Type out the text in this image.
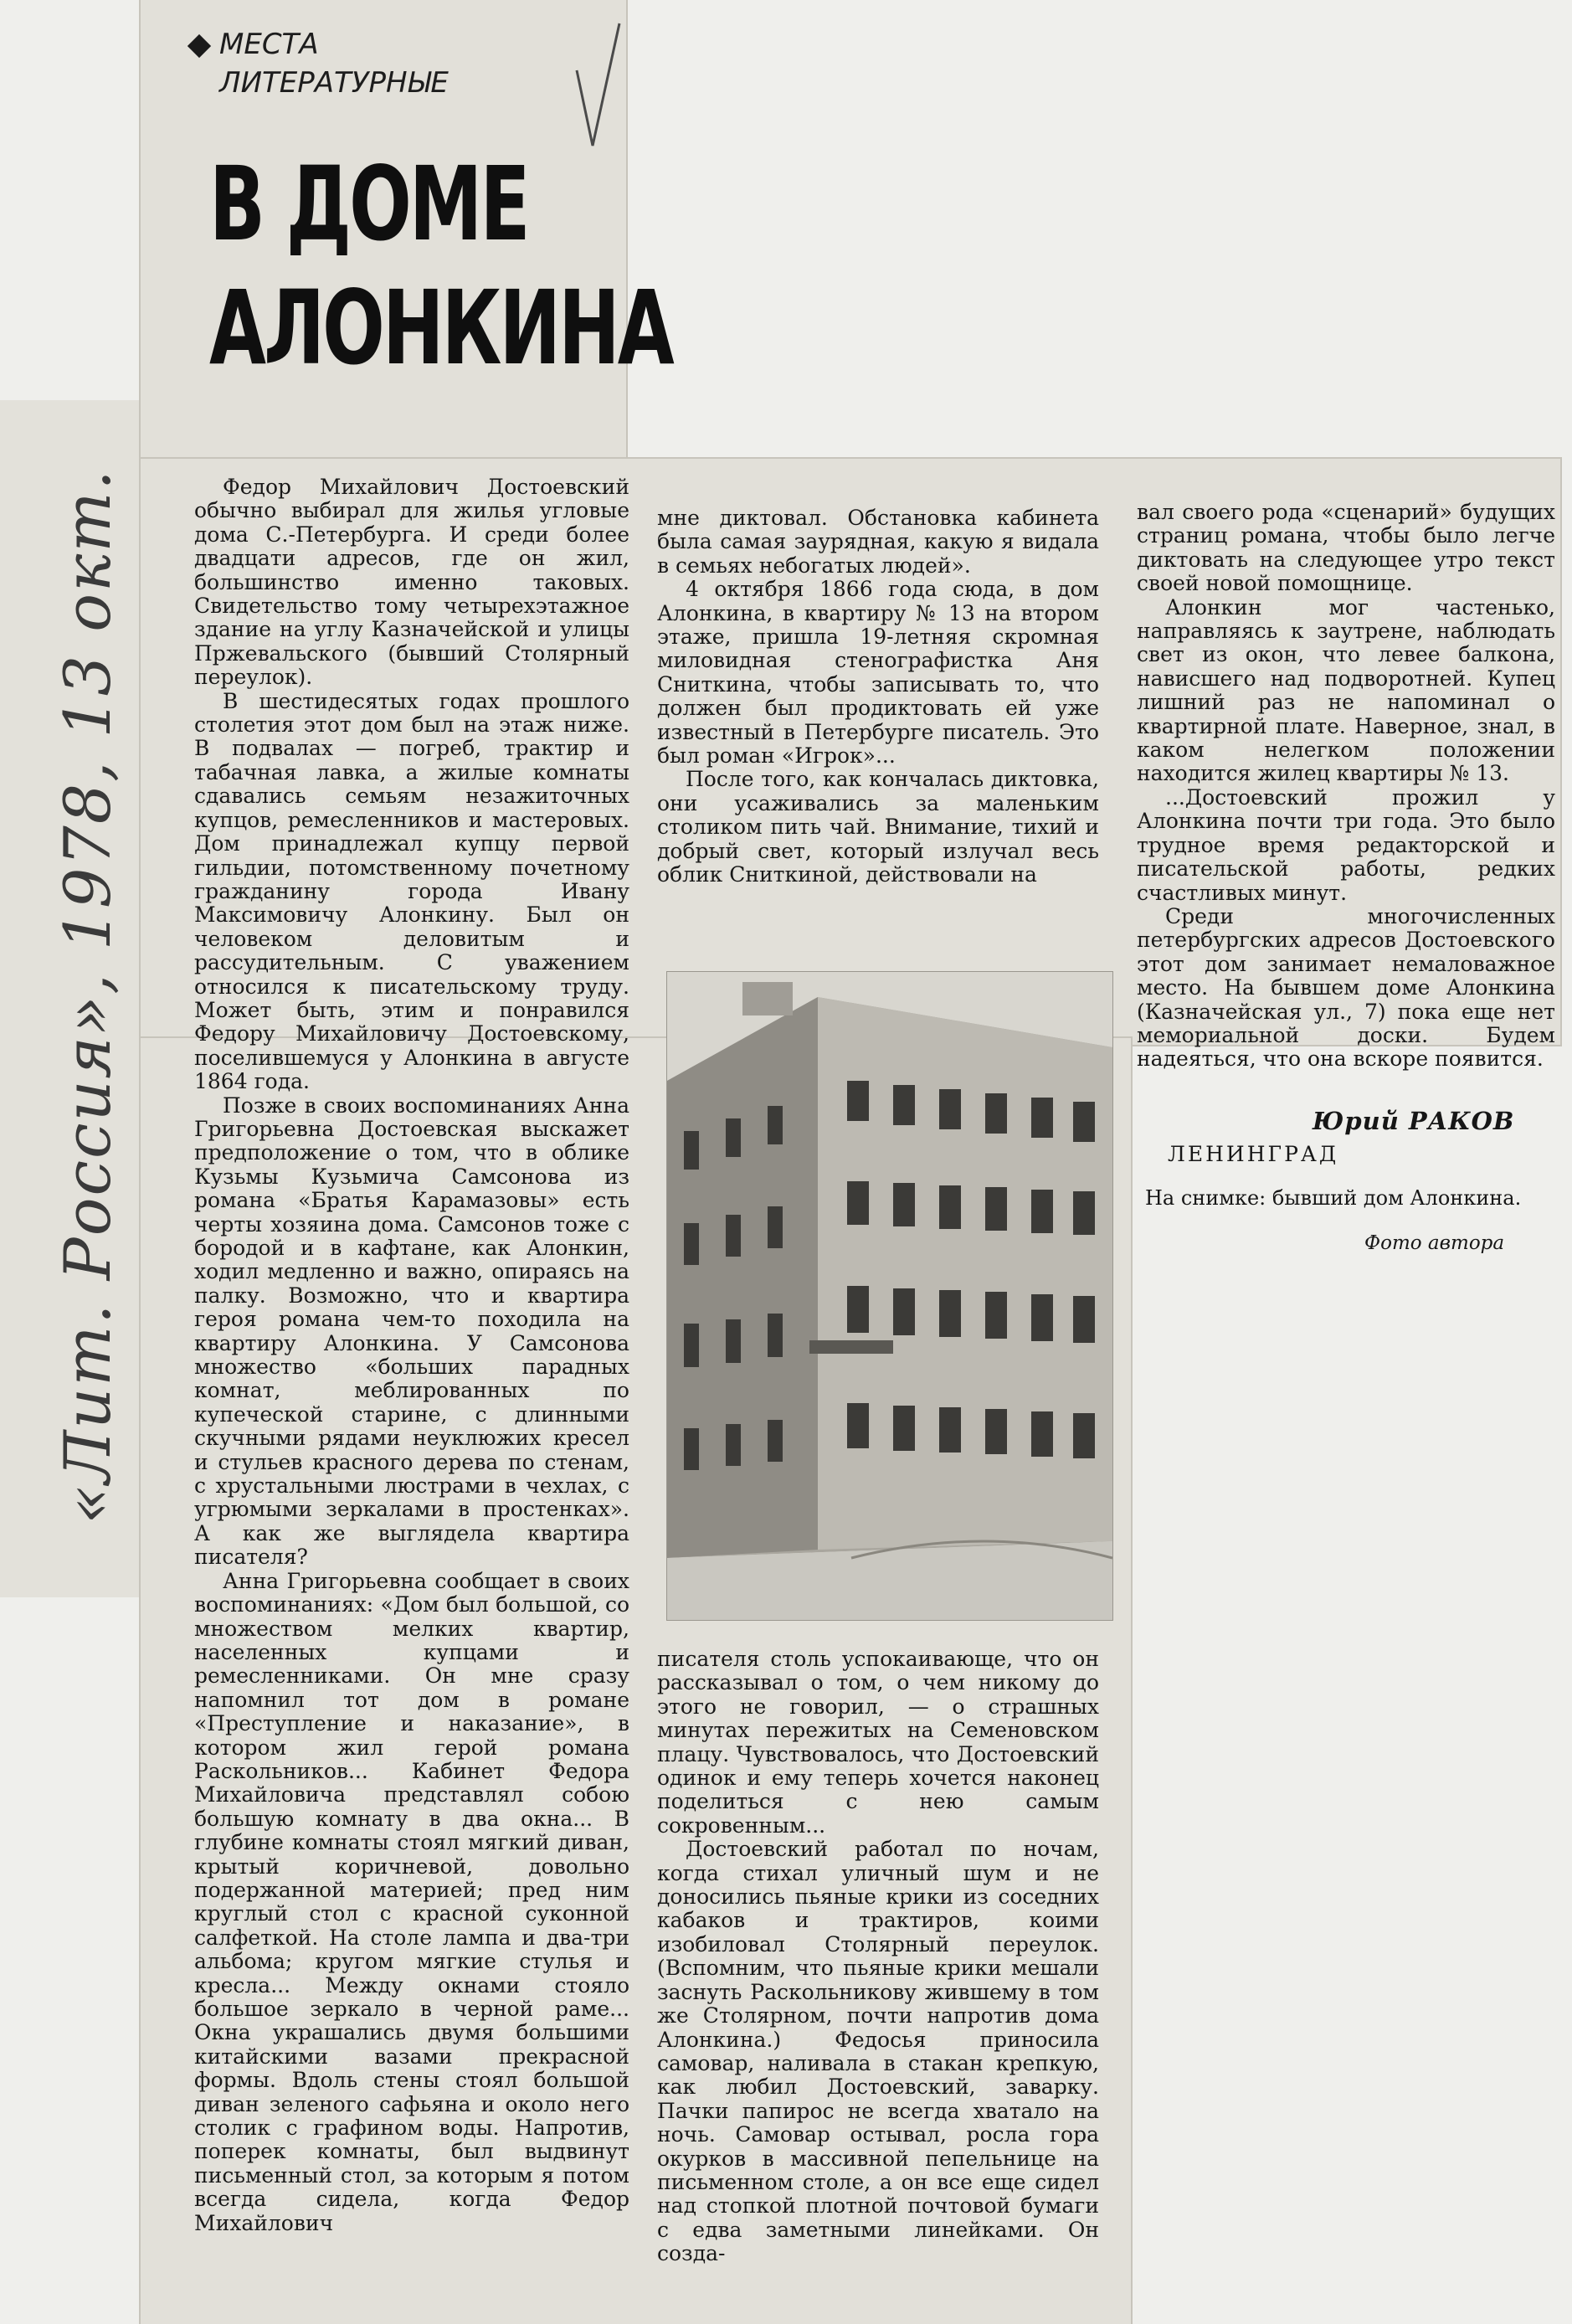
«Лит. Россия», 1978, 13 окт.
МЕСТА
ЛИТЕРАТУРНЫЕ
В ДОМЕ
АЛОНКИНА

Федор Михайлович Достоевский обычно выбирал для жилья угловые дома С.-Петербурга. И среди более двадцати адресов, где он жил, большинство именно таковых. Свидетельство тому четырехэтажное здание на углу Казначейской и улицы Пржевальского (бывший Столярный переулок).

В шестидесятых годах прошлого столетия этот дом был на этаж ниже. В подвалах — погреб, трактир и табачная лавка, а жилые комнаты сдавались семьям незажиточных купцов, ремесленников и мастеровых. Дом принадлежал купцу первой гильдии, потомственному почетному гражданину города Ивану Максимовичу Алонкину. Был он человеком деловитым и рассудительным. С уважением относился к писательскому труду. Может быть, этим и понравился Федору Михайловичу Достоевскому, поселившемуся у Алонкина в августе 1864 года.

Позже в своих воспоминаниях Анна Григорьевна Достоевская выскажет предположение о том, что в облике Кузьмы Кузьмича Самсонова из романа «Братья Карамазовы» есть черты хозяина дома. Самсонов тоже с бородой и в кафтане, как Алонкин, ходил медленно и важно, опираясь на палку. Возможно, что и квартира героя романа чем-то походила на квартиру Алонкина. У Самсонова множество «больших парадных комнат, меблированных по купеческой старине, с длинными скучными рядами неуклюжих кресел и стульев красного дерева по стенам, с хрустальными люстрами в чехлах, с угрюмыми зеркалами в простенках». А как же выглядела квартира писателя?

Анна Григорьевна сообщает в своих воспоминаниях: «Дом был большой, со множеством мелких квартир, населенных купцами и ремесленниками. Он мне сразу напомнил тот дом в романе «Преступление и наказание», в котором жил герой романа Раскольников... Кабинет Федора Михайловича представлял собою большую комнату в два окна... В глубине комнаты стоял мягкий диван, крытый коричневой, довольно подержанной материей; пред ним круглый стол с красной суконной салфеткой. На столе лампа и два-три альбома; кругом мягкие стулья и кресла... Между окнами стояло большое зеркало в черной раме... Окна украшались двумя большими китайскими вазами прекрасной формы. Вдоль стены стоял большой диван зеленого сафьяна и около него столик с графином воды. Напротив, поперек комнаты, был выдвинут письменный стол, за которым я потом всегда сидела, когда Федор Михайлович

мне диктовал. Обстановка кабинета была самая заурядная, какую я видала в семьях небогатых людей».

4 октября 1866 года сюда, в дом Алонкина, в квартиру № 13 на втором этаже, пришла 19-летняя скромная миловидная стенографистка Аня Сниткина, чтобы записывать то, что должен был продиктовать ей уже известный в Петербурге писатель. Это был роман «Игрок»...

После того, как кончалась диктовка, они усаживались за маленьким столиком пить чай. Внимание, тихий и добрый свет, который излучал весь облик Сниткиной, действовали на

писателя столь успокаивающе, что он рассказывал о том, о чем никому до этого не говорил, — о страшных минутах пережитых на Семеновском плацу. Чувствовалось, что Достоевский одинок и ему теперь хочется наконец поделиться с нею самым сокровенным...

Достоевский работал по ночам, когда стихал уличный шум и не доносились пьяные крики из соседних кабаков и трактиров, коими изобиловал Столярный переулок. (Вспомним, что пьяные крики мешали заснуть Раскольникову жившему в том же Столярном, почти напротив дома Алонкина.) Федосья приносила самовар, наливала в стакан крепкую, как любил Достоевский, заварку. Пачки папирос не всегда хватало на ночь. Самовар остывал, росла гора окурков в массивной пепельнице на письменном столе, а он все еще сидел над стопкой плотной почтовой бумаги с едва заметными линейками. Он созда-

вал своего рода «сценарий» будущих страниц романа, чтобы было легче диктовать на следующее утро текст своей новой помощнице.

Алонкин мог частенько, направляясь к заутрене, наблюдать свет из окон, что левее балкона, нависшего над подворотней. Купец лишний раз не напоминал о квартирной плате. Наверное, знал, в каком нелегком положении находится жилец квартиры № 13.

...Достоевский прожил у Алонкина почти три года. Это было трудное время редакторской и писательской работы, редких счастливых минут.

Среди многочисленных петербургских адресов Достоевского этот дом занимает немаловажное место. На бывшем доме Алонкина (Казначейская ул., 7) пока еще нет мемориальной доски. Будем надеяться, что она вскоре появится.

Юрий РАКОВ
ЛЕНИНГРАД
На снимке: бывший дом Алонкина.
Фото автора
